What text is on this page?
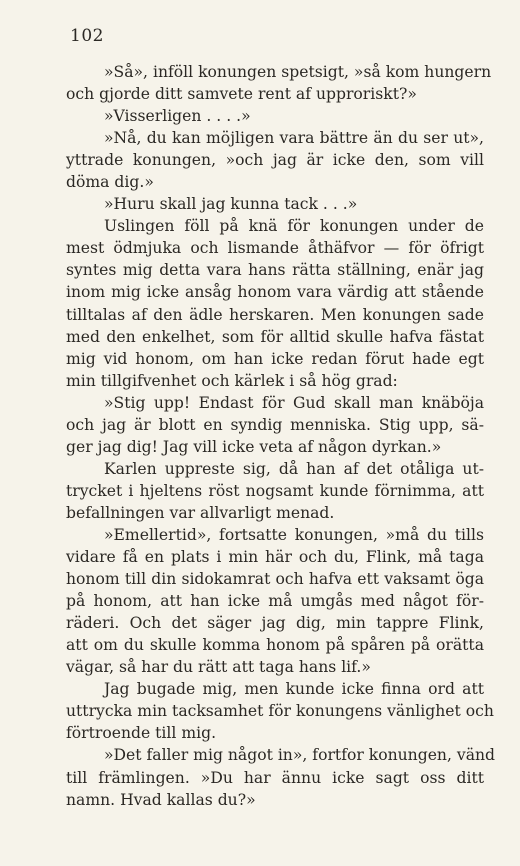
102
»Så», inföll konungen spetsigt, »så kom hungern
och gjorde ditt samvete rent af upproriskt?»
»Visserligen . . . .»
»Nå, du kan möjligen vara bättre än du ser ut»,
yttrade konungen, »och jag är icke den, som vill
döma dig.»
»Huru skall jag kunna tack . . .»
Uslingen föll på knä för konungen under de
mest ödmjuka och lismande åthäfvor — för öfrigt
syntes mig detta vara hans rätta ställning, enär jag
inom mig icke ansåg honom vara värdig att stående
tilltalas af den ädle herskaren. Men konungen sade
med den enkelhet, som för alltid skulle hafva fästat
mig vid honom, om han icke redan förut hade egt
min tillgifvenhet och kärlek i så hög grad:
»Stig upp! Endast för Gud skall man knäböja
och jag är blott en syndig menniska. Stig upp, sä-
ger jag dig! Jag vill icke veta af någon dyrkan.»
Karlen uppreste sig, då han af det otåliga ut-
trycket i hjeltens röst nogsamt kunde förnimma, att
befallningen var allvarligt menad.
»Emellertid», fortsatte konungen, »må du tills
vidare få en plats i min här och du, Flink, må taga
honom till din sidokamrat och hafva ett vaksamt öga
på honom, att han icke må umgås med något för-
räderi. Och det säger jag dig, min tappre Flink,
att om du skulle komma honom på spåren på orätta
vägar, så har du rätt att taga hans lif.»
Jag bugade mig, men kunde icke finna ord att
uttrycka min tacksamhet för konungens vänlighet och
förtroende till mig.
»Det faller mig något in», fortfor konungen, vänd
till främlingen. »Du har ännu icke sagt oss ditt
namn. Hvad kallas du?»
